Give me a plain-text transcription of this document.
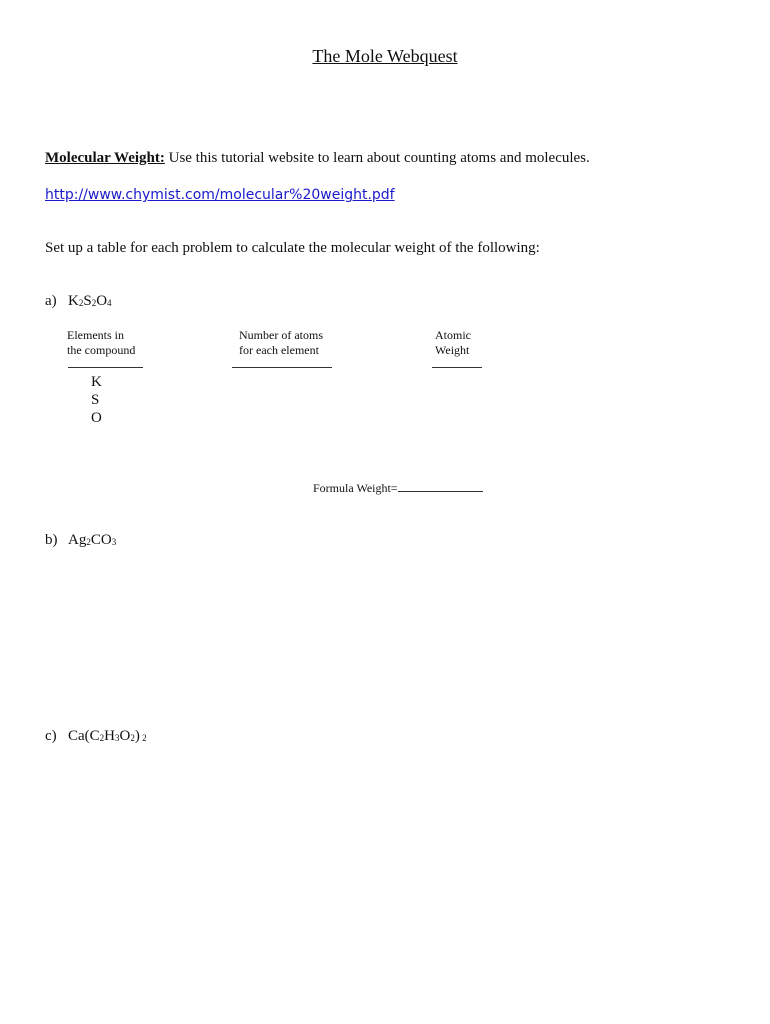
The Mole Webquest
Molecular Weight: Use this tutorial website to learn about counting atoms and molecules.
http://www.chymist.com/molecular%20weight.pdf
Set up a table for each problem to calculate the molecular weight of the following:
a) $K_2S_2O_4$
Elements in
the compound
Number of atoms
for each element
Atomic
Weight
K
S
O
Formula Weight=
b) $Ag_2CO_3$
c) $Ca(C_2H_3O_2)$ 2
